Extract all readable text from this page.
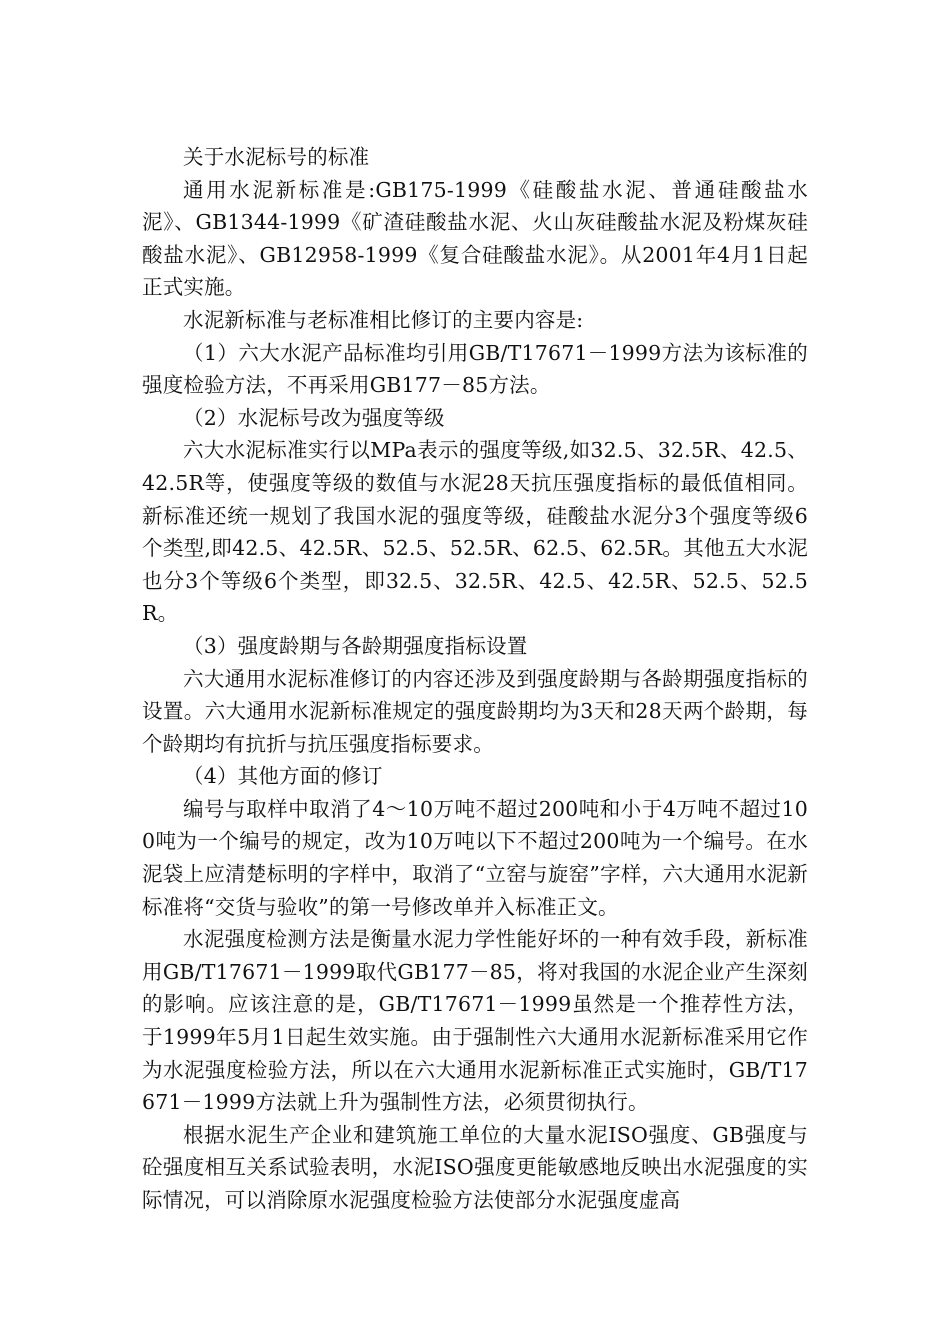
关于水泥标号的标准

通用水泥新标准是:GB175-1999《硅酸盐水泥、普通硅酸盐水泥》、GB1344-1999《矿渣硅酸盐水泥、火山灰硅酸盐水泥及粉煤灰硅酸盐水泥》、GB12958-1999《复合硅酸盐水泥》。从2001年4月1日起正式实施。

水泥新标准与老标准相比修订的主要内容是:

（1）六大水泥产品标准均引用GB/T17671－1999方法为该标准的强度检验方法，不再采用GB177－85方法。

（2）水泥标号改为强度等级

六大水泥标准实行以MPa表示的强度等级,如32.5、32.5R、42.5、42.5R等，使强度等级的数值与水泥28天抗压强度指标的最低值相同。新标准还统一规划了我国水泥的强度等级，硅酸盐水泥分3个强度等级6个类型,即42.5、42.5R、52.5、52.5R、62.5、62.5R。其他五大水泥也分3个等级6个类型，即32.5、32.5R、42.5、42.5R、52.5、52.5R。

（3）强度龄期与各龄期强度指标设置

六大通用水泥标准修订的内容还涉及到强度龄期与各龄期强度指标的设置。六大通用水泥新标准规定的强度龄期均为3天和28天两个龄期，每个龄期均有抗折与抗压强度指标要求。

（4）其他方面的修订

编号与取样中取消了4～10万吨不超过200吨和小于4万吨不超过100吨为一个编号的规定，改为10万吨以下不超过200吨为一个编号。在水泥袋上应清楚标明的字样中，取消了“立窑与旋窑”字样，六大通用水泥新标准将“交货与验收”的第一号修改单并入标准正文。

水泥强度检测方法是衡量水泥力学性能好坏的一种有效手段，新标准用GB/T17671－1999取代GB177－85，将对我国的水泥企业产生深刻的影响。应该注意的是，GB/T17671－1999虽然是一个推荐性方法，于1999年5月1日起生效实施。由于强制性六大通用水泥新标准采用它作为水泥强度检验方法，所以在六大通用水泥新标准正式实施时，GB/T17671－1999方法就上升为强制性方法，必须贯彻执行。

根据水泥生产企业和建筑施工单位的大量水泥ISO强度、GB强度与砼强度相互关系试验表明，水泥ISO强度更能敏感地反映出水泥强度的实际情况，可以消除原水泥强度检验方法使部分水泥强度虚高
